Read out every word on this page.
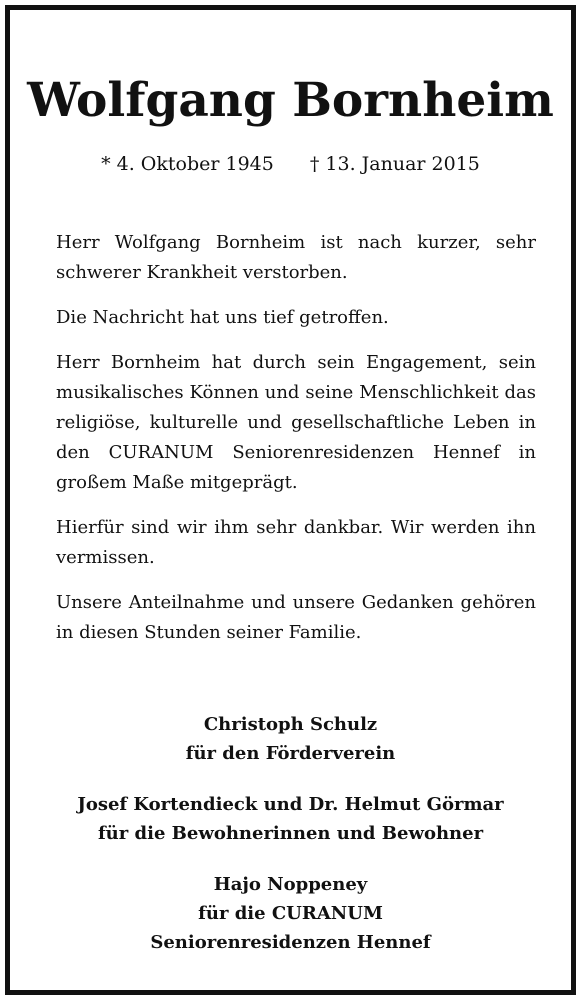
Wolfgang Bornheim
* 4. Oktober 1945 † 13. Januar 2015

Herr Wolfgang Bornheim ist nach kurzer, sehr schwerer Krankheit verstorben.

Die Nachricht hat uns tief getroffen.

Herr Bornheim hat durch sein Engagement, sein musikalisches Können und seine Menschlichkeit das religiöse, kulturelle und gesellschaftliche Leben in den CURANUM Seniorenresidenzen Hennef in großem Maße mitgeprägt.

Hierfür sind wir ihm sehr dankbar. Wir werden ihn vermissen.

Unsere Anteilnahme und unsere Gedanken gehören in diesen Stunden seiner Familie.

Christoph Schulz
für den Förderverein
Josef Kortendieck und Dr. Helmut Görmar
für die Bewohnerinnen und Bewohner
Hajo Noppeney
für die CURANUM
Seniorenresidenzen Hennef
